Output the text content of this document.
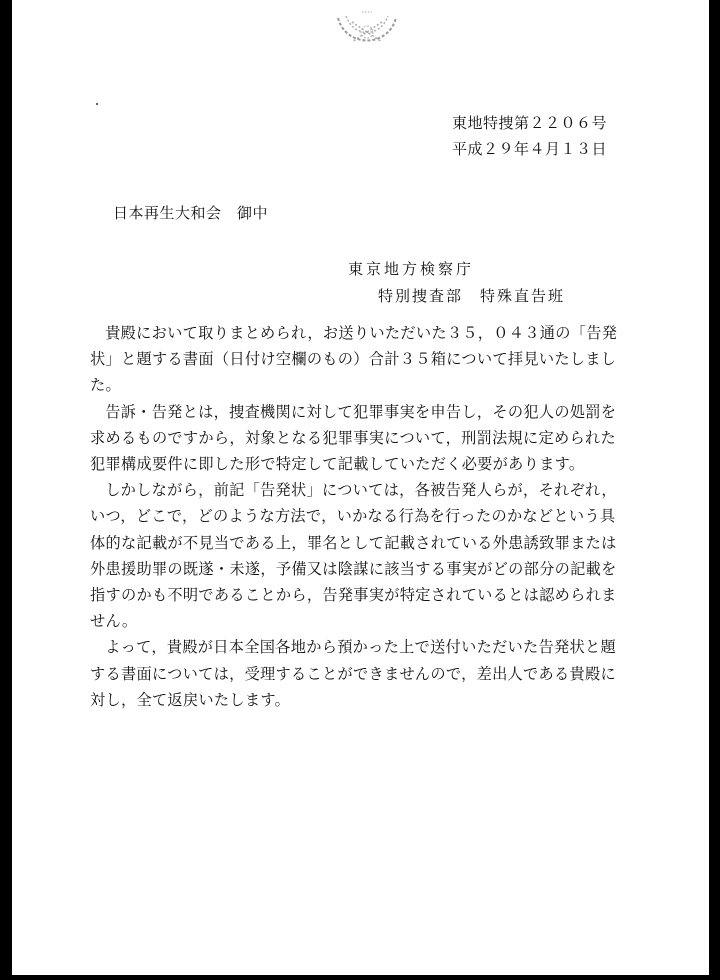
東地特捜第２２０６号
平成２９年４月１３日
日本再生大和会　御中
東京地方検察庁
特別捜査部　特殊直告班

貴殿において取りまとめられ，お送りいただいた３５，０４３通の「告発状」と題する書面（日付け空欄のもの）合計３５箱について拝見いたしました。

告訴・告発とは，捜査機関に対して犯罪事実を申告し，その犯人の処罰を求めるものですから，対象となる犯罪事実について，刑罰法規に定められた犯罪構成要件に即した形で特定して記載していただく必要があります。

しかしながら，前記「告発状」については，各被告発人らが，それぞれ，いつ，どこで，どのような方法で，いかなる行為を行ったのかなどという具体的な記載が不見当である上，罪名として記載されている外患誘致罪または外患援助罪の既遂・未遂，予備又は陰謀に該当する事実がどの部分の記載を指すのかも不明であることから，告発事実が特定されているとは認められません。

よって，貴殿が日本全国各地から預かった上で送付いただいた告発状と題する書面については，受理することができませんので，差出人である貴殿に対し，全て返戻いたします。
